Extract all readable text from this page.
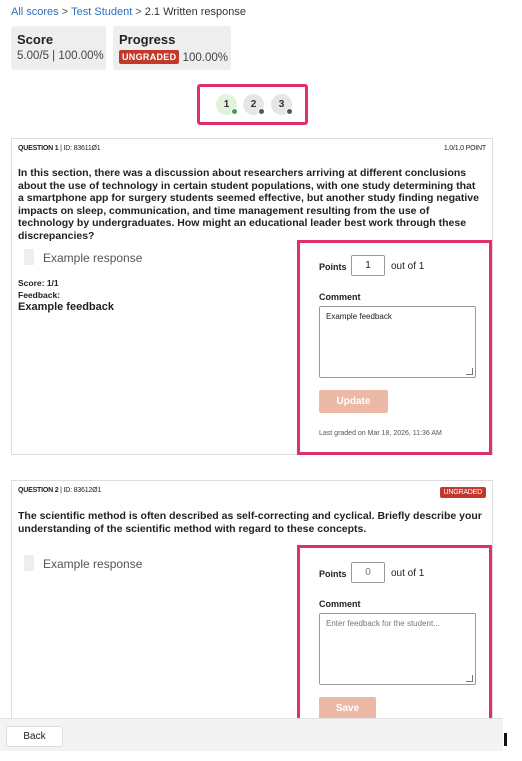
All scores > Test Student > 2.1 Written response
Score
5.00/5 | 100.00%
Progress
UNGRADED 100.00%
1 2 3
QUESTION 1 | ID: 83611Ø1	1.0/1.0 POINT
In this section, there was a discussion about researchers arriving at different conclusions about the use of technology in certain student populations, with one study determining that a smartphone app for surgery students seemed effective, but another study finding negative impacts on sleep, communication, and time management resulting from the use of technology by undergraduates. How might an educational leader best work through these discrepancies?
Example response
Score: 1/1
Feedback:
Example feedback
Points
1	out of 1
Comment
Example feedback
Update
Last graded on Mar 18, 2026, 11:36 AM
QUESTION 2 | ID: 83612Ø1	UNGRADED
The scientific method is often described as self-correcting and cyclical. Briefly describe your understanding of the scientific method with regard to these concepts.
Example response
Points
0	out of 1
Comment
Enter feedback for the student...
Save
Back
